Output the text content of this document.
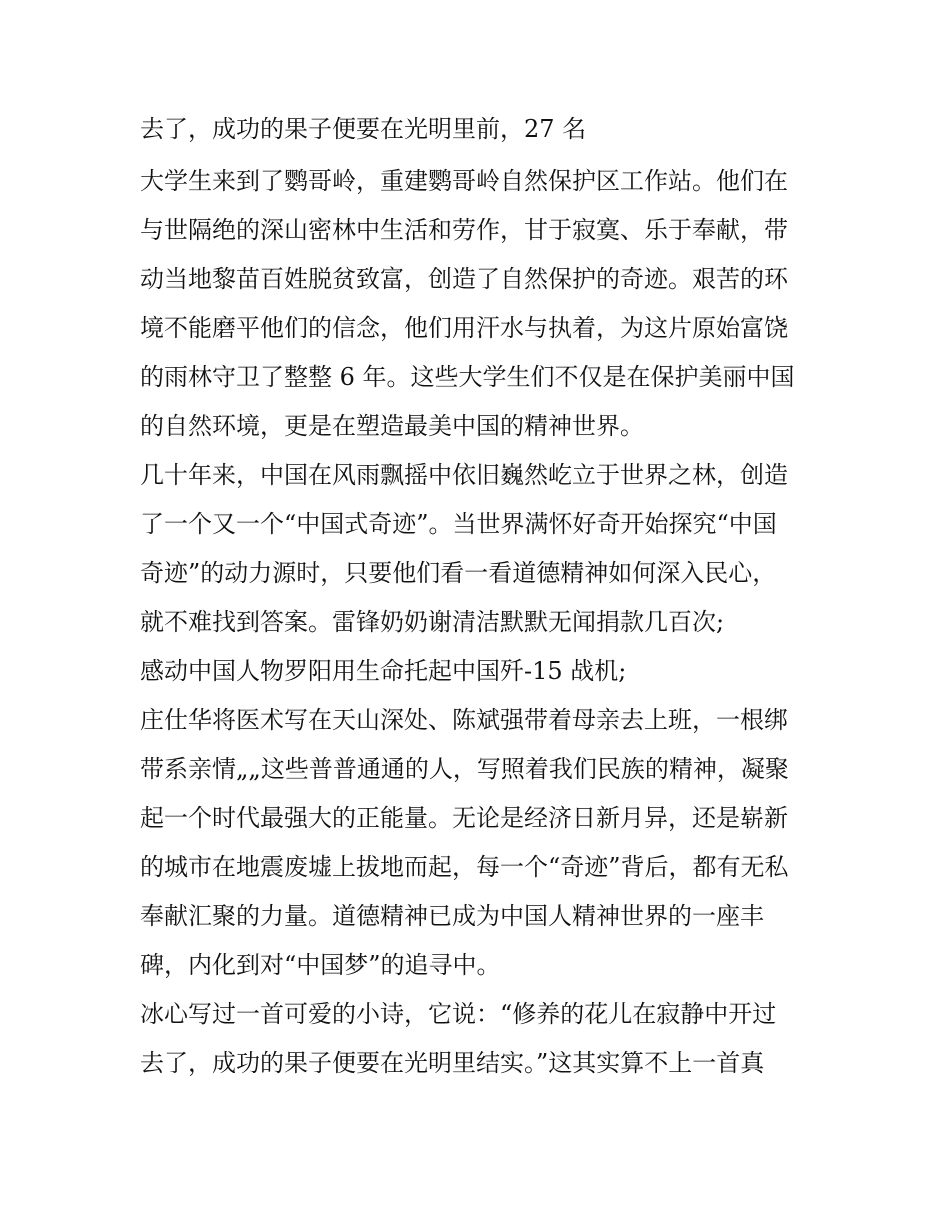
去了，成功的果子便要在光明里前，27 名
大学生来到了鹦哥岭，重建鹦哥岭自然保护区工作站。他们在
与世隔绝的深山密林中生活和劳作，甘于寂寞、乐于奉献，带
动当地黎苗百姓脱贫致富，创造了自然保护的奇迹。艰苦的环
境不能磨平他们的信念，他们用汗水与执着，为这片原始富饶
的雨林守卫了整整 6 年。这些大学生们不仅是在保护美丽中国
的自然环境，更是在塑造最美中国的精神世界。
几十年来，中国在风雨飘摇中依旧巍然屹立于世界之林，创造
了一个又一个“中国式奇迹”。当世界满怀好奇开始探究“中国
奇迹”的动力源时，只要他们看一看道德精神如何深入民心，
就不难找到答案。雷锋奶奶谢清洁默默无闻捐款几百次;
感动中国人物罗阳用生命托起中国歼-15 战机;
庄仕华将医术写在天山深处、陈斌强带着母亲去上班，一根绑
带系亲情„„这些普普通通的人，写照着我们民族的精神，凝聚
起一个时代最强大的正能量。无论是经济日新月异，还是崭新
的城市在地震废墟上拔地而起，每一个“奇迹”背后，都有无私
奉献汇聚的力量。道德精神已成为中国人精神世界的一座丰
碑，内化到对“中国梦”的追寻中。
冰心写过一首可爱的小诗，它说：“修养的花儿在寂静中开过
去了，成功的果子便要在光明里结实。”这其实算不上一首真
